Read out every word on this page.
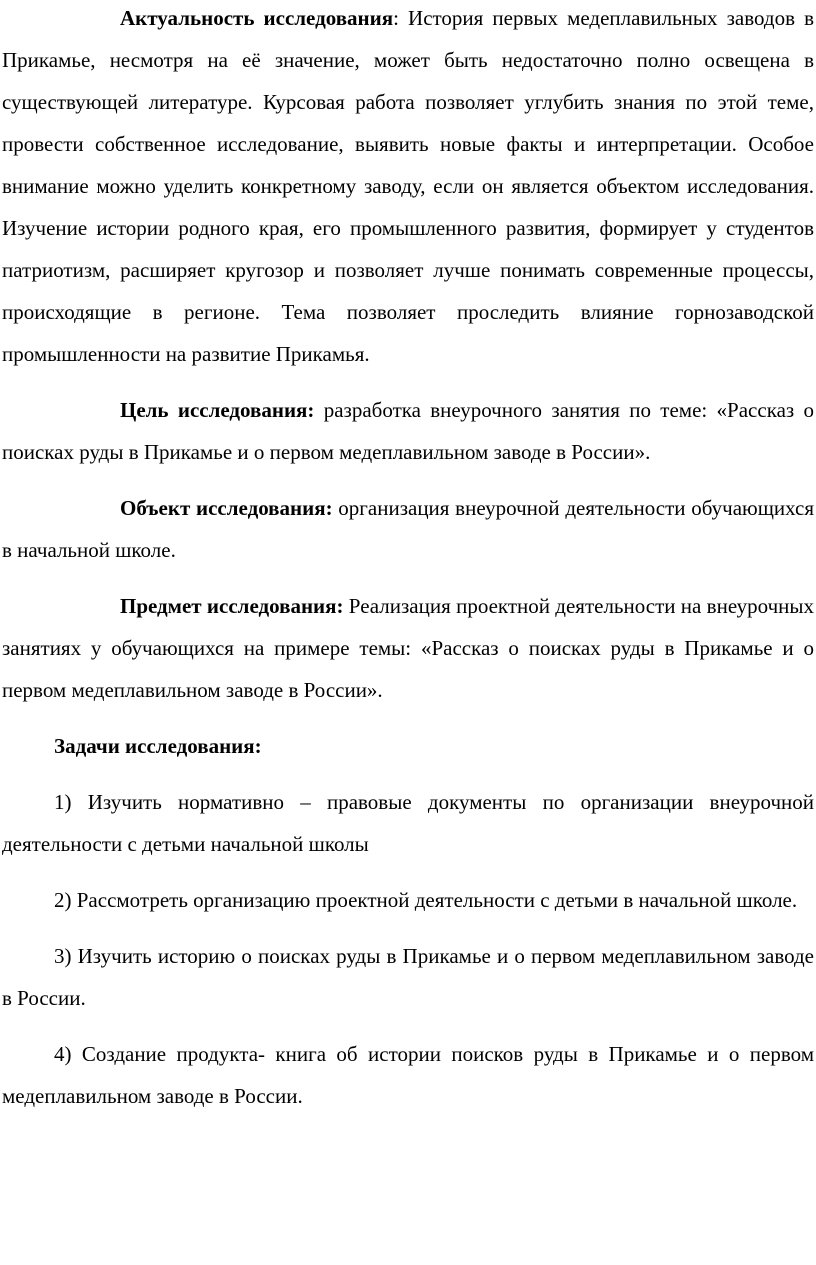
Актуальность исследования: История первых медеплавильных заводов в Прикамье, несмотря на её значение, может быть недостаточно полно освещена в существующей литературе. Курсовая работа позволяет углубить знания по этой теме, провести собственное исследование, выявить новые факты и интерпретации. Особое внимание можно уделить конкретному заводу, если он является объектом исследования. Изучение истории родного края, его промышленного развития, формирует у студентов патриотизм, расширяет кругозор и позволяет лучше понимать современные процессы, происходящие в регионе. Тема позволяет проследить влияние горнозаводской промышленности на развитие Прикамья.

Цель исследования: разработка внеурочного занятия по теме: «Рассказ о поисках руды в Прикамье и о первом медеплавильном заводе в России».

Объект исследования: организация внеурочной деятельности обучающихся в начальной школе.

Предмет исследования: Реализация проектной деятельности на внеурочных занятиях у обучающихся на примере темы: «Рассказ о поисках руды в Прикамье и о первом медеплавильном заводе в России».

Задачи исследования:

1) Изучить нормативно – правовые документы по организации внеурочной деятельности с детьми начальной школы

2) Рассмотреть организацию проектной деятельности с детьми в начальной школе.

3) Изучить историю о поисках руды в Прикамье и о первом медеплавильном заводе в России.

4) Создание продукта- книга об истории поисков руды в Прикамье и о первом медеплавильном заводе в России.
